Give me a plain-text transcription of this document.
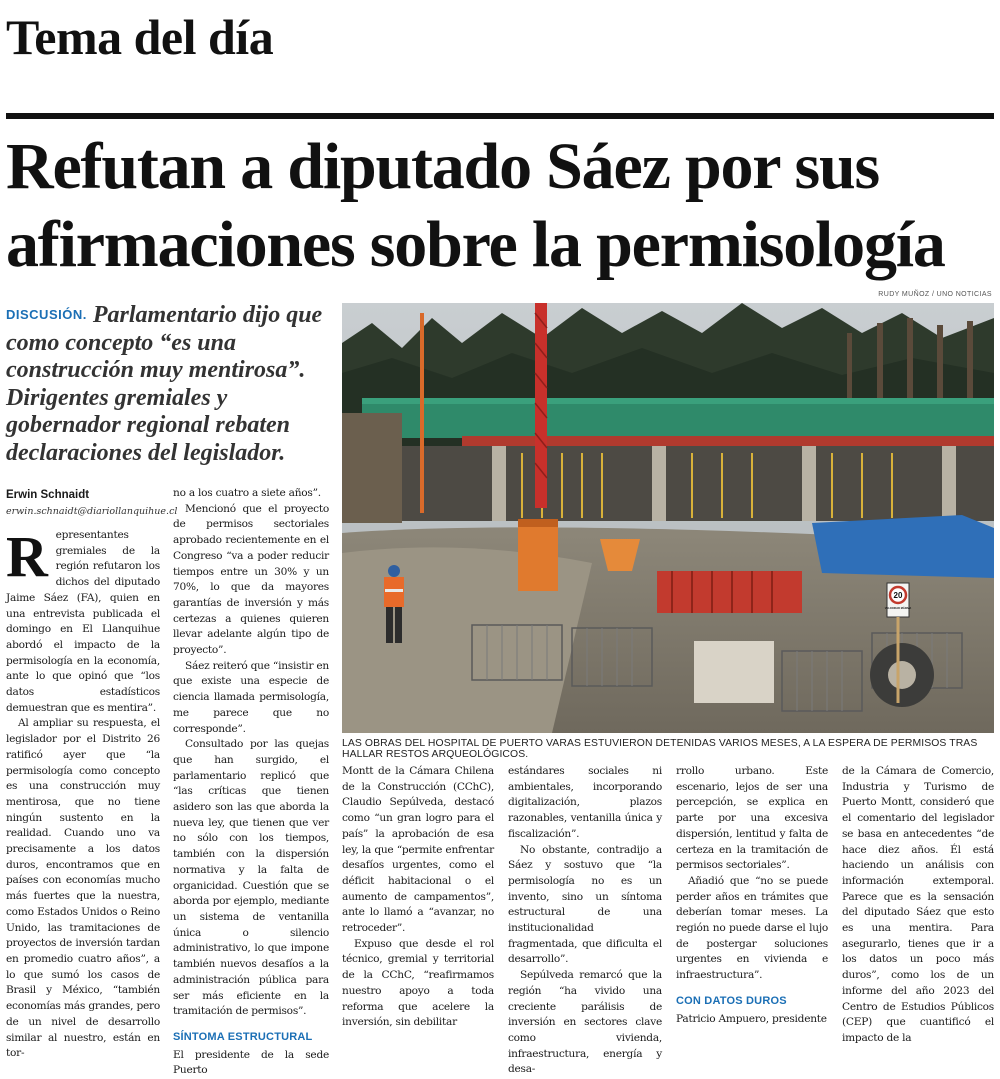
Tema del día
Refutan a diputado Sáez por sus afirmaciones sobre la permisología
DISCUSIÓN. Parlamentario dijo que como concepto “es una construcción muy mentirosa”. Dirigentes gremiales y gobernador regional rebaten declaraciones del legislador.
Erwin Schnaidt
erwin.schnaidt@diariollanquihue.cl
RUDY MUÑOZ / UNO NOTICIAS
20
VELOCIDAD MÁXIMA
LAS OBRAS DEL HOSPITAL DE PUERTO VARAS ESTUVIERON DETENIDAS VARIOS MESES, A LA ESPERA DE PERMISOS TRAS HALLAR RESTOS ARQUEOLÓGICOS.

Representantes gremiales de la región refutaron los dichos del diputado Jaime Sáez (FA), quien en una entrevista publicada el domingo en El Llanquihue abordó el impacto de la permisología en la economía, ante lo que opinó que “los datos estadísticos demuestran que es mentira”.

Al ampliar su respuesta, el legislador por el Distrito 26 ratificó ayer que “la permisología como concepto es una construcción muy mentirosa, que no tiene ningún sustento en la realidad. Cuando uno va precisamente a los datos duros, encontramos que en países con economías mucho más fuertes que la nuestra, como Estados Unidos o Reino Unido, las tramitaciones de proyectos de inversión tardan en promedio cuatro años”, a lo que sumó los casos de Brasil y México, “también economías más grandes, pero de un nivel de desarrollo similar al nuestro, están en tor-

no a los cuatro a siete años”.

Mencionó que el proyecto de permisos sectoriales aprobado recientemente en el Congreso “va a poder reducir tiempos entre un 30% y un 70%, lo que da mayores garantías de inversión y más certezas a quienes quieren llevar adelante algún tipo de proyecto”.

Sáez reiteró que “insistir en que existe una especie de ciencia llamada permisología, me parece que no corresponde”.

Consultado por las quejas que han surgido, el parlamentario replicó que “las críticas que tienen asidero son las que aborda la nueva ley, que tienen que ver no sólo con los tiempos, también con la dispersión normativa y la falta de organicidad. Cuestión que se aborda por ejemplo, mediante un sistema de ventanilla única o silencio administrativo, lo que impone también nuevos desafíos a la administración pública para ser más eficiente en la tramitación de permisos”.

SÍNTOMA ESTRUCTURAL

El presidente de la sede Puerto

Montt de la Cámara Chilena de la Construcción (CChC), Claudio Sepúlveda, destacó como “un gran logro para el país” la aprobación de esa ley, la que “permite enfrentar desafíos urgentes, como el déficit habitacional o el aumento de campamentos”, ante lo llamó a “avanzar, no retroceder”.

Expuso que desde el rol técnico, gremial y territorial de la CChC, “reafirmamos nuestro apoyo a toda reforma que acelere la inversión, sin debilitar

estándares sociales ni ambientales, incorporando digitalización, plazos razonables, ventanilla única y fiscalización”.

No obstante, contradijo a Sáez y sostuvo que “la permisología no es un invento, sino un síntoma estructural de una institucionalidad fragmentada, que dificulta el desarrollo”.

Sepúlveda remarcó que la región “ha vivido una creciente parálisis de inversión en sectores clave como vivienda, infraestructura, energía y desa-

rrollo urbano. Este escenario, lejos de ser una percepción, se explica en parte por una excesiva dispersión, lentitud y falta de certeza en la tramitación de permisos sectoriales”.

Añadió que “no se puede perder años en trámites que deberían tomar meses. La región no puede darse el lujo de postergar soluciones urgentes en vivienda e infraestructura”.

CON DATOS DUROS

Patricio Ampuero, presidente

de la Cámara de Comercio, Industria y Turismo de Puerto Montt, consideró que el comentario del legislador se basa en antecedentes “de hace diez años. Él está haciendo un análisis con información extemporal. Parece que es la sensación del diputado Sáez que esto es una mentira. Para asegurarlo, tienes que ir a los datos un poco más duros”, como los de un informe del año 2023 del Centro de Estudios Públicos (CEP) que cuantificó el impacto de la
